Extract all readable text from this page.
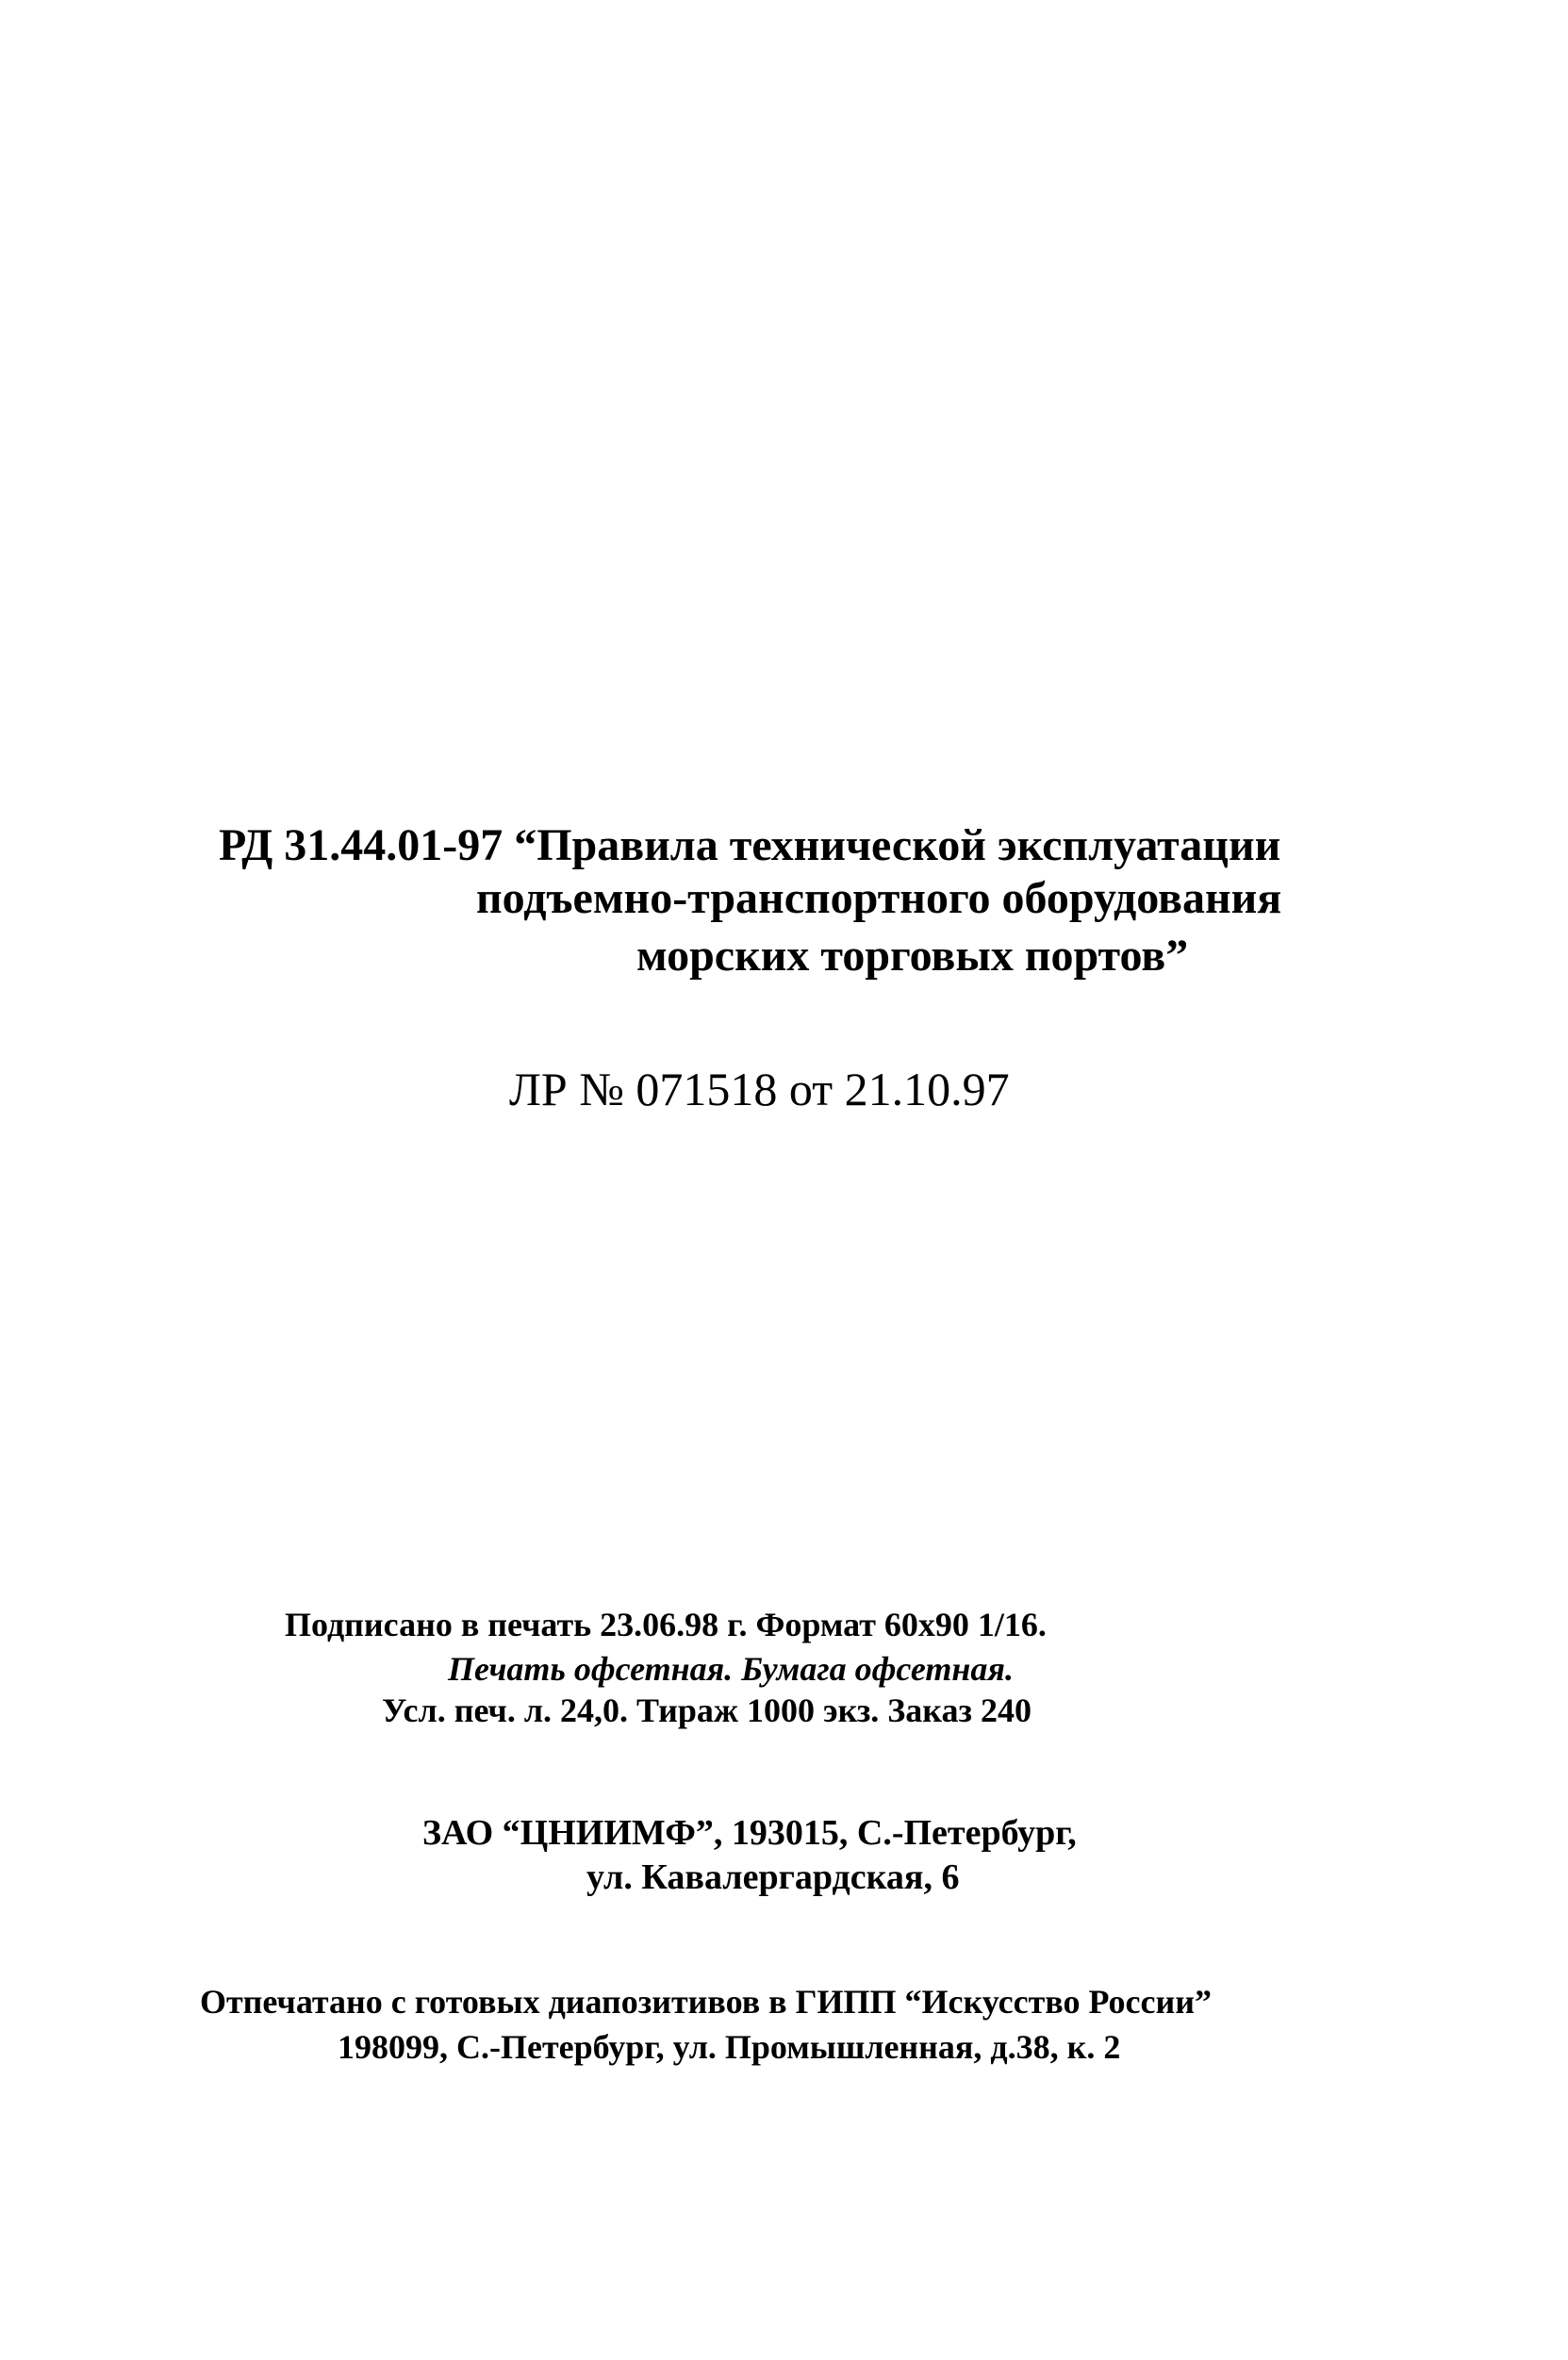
РД 31.44.01-97 “Правила технической эксплуатации
подъемно-транспортного оборудования
морских торговых портов”
ЛР № 071518 от 21.10.97
Подписано в печать 23.06.98 г. Формат 60x90 1/16.
Печать офсетная. Бумага офсетная.
Усл. печ. л. 24,0. Тираж 1000 экз. Заказ 240
ЗАО “ЦНИИМФ”, 193015, С.-Петербург,
ул. Кавалергардская, 6
Отпечатано с готовых диапозитивов в ГИПП “Искусство России”
198099, С.-Петербург, ул. Промышленная, д.38, к. 2
